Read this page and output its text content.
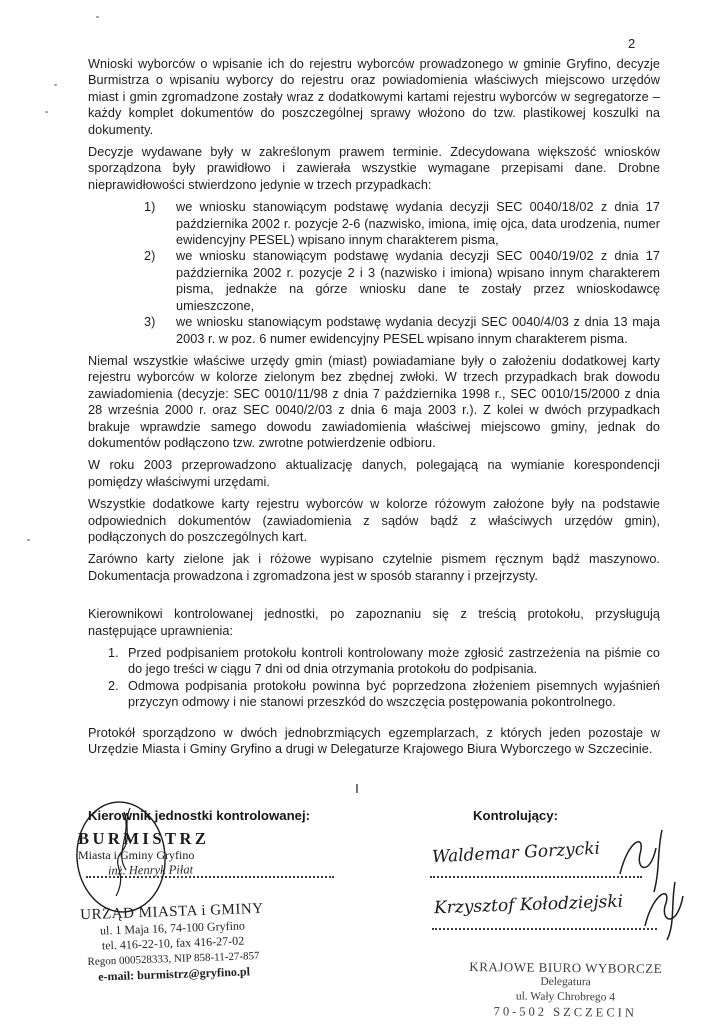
2

Wnioski wyborców o wpisanie ich do rejestru wyborców prowadzonego w gminie Gryfino, decyzje Burmistrza o wpisaniu wyborcy do rejestru oraz powiadomienia właściwych miejscowo urzędów miast i gmin zgromadzone zostały wraz z dodatkowymi kartami rejestru wyborców w segregatorze – każdy komplet dokumentów do poszczególnej sprawy włożono do tzw. plastikowej koszulki na dokumenty.

Decyzje wydawane były w zakreślonym prawem terminie. Zdecydowana większość wniosków sporządzona były prawidłowo i zawierała wszystkie wymagane przepisami dane. Drobne nieprawidłowości stwierdzono jedynie w trzech przypadkach:

1)	we wniosku stanowiącym podstawę wydania decyzji SEC 0040/18/02 z dnia 17 października 2002 r. pozycje 2-6 (nazwisko, imiona, imię ojca, data urodzenia, numer ewidencyjny PESEL) wpisano innym charakterem pisma,
2)	we wniosku stanowiącym podstawę wydania decyzji SEC 0040/19/02 z dnia 17 października 2002 r. pozycje 2 i 3 (nazwisko i imiona) wpisano innym charakterem pisma, jednakże na górze wniosku dane te zostały przez wnioskodawcę umieszczone,
3)	we wniosku stanowiącym podstawę wydania decyzji SEC 0040/4/03 z dnia 13 maja 2003 r. w poz. 6 numer ewidencyjny PESEL wpisano innym charakterem pisma.

Niemal wszystkie właściwe urzędy gmin (miast) powiadamiane były o założeniu dodatkowej karty rejestru wyborców w kolorze zielonym bez zbędnej zwłoki. W trzech przypadkach brak dowodu zawiadomienia (decyzje: SEC 0010/11/98 z dnia 7 października 1998 r., SEC 0010/15/2000 z dnia 28 września 2000 r. oraz SEC 0040/2/03 z dnia 6 maja 2003 r.). Z kolei w dwóch przypadkach brakuje wprawdzie samego dowodu zawiadomienia właściwej miejscowo gminy, jednak do dokumentów podłączono tzw. zwrotne potwierdzenie odbioru.

W roku 2003 przeprowadzono aktualizację danych, polegającą na wymianie korespondencji pomiędzy właściwymi urzędami.

Wszystkie dodatkowe karty rejestru wyborców w kolorze różowym założone były na podstawie odpowiednich dokumentów (zawiadomienia z sądów bądź z właściwych urzędów gmin), podłączonych do poszczególnych kart.

Zarówno karty zielone jak i różowe wypisano czytelnie pismem ręcznym bądź maszynowo. Dokumentacja prowadzona i zgromadzona jest w sposób staranny i przejrzysty.

Kierownikowi kontrolowanej jednostki, po zapoznaniu się z treścią protokołu, przysługują następujące uprawnienia:

1. Przed podpisaniem protokołu kontroli kontrolowany może zgłosić zastrzeżenia na piśmie co do jego treści w ciągu 7 dni od dnia otrzymania protokołu do podpisania.
2. Odmowa podpisania protokołu powinna być poprzedzona złożeniem pisemnych wyjaśnień przyczyn odmowy i nie stanowi przeszkód do wszczęcia postępowania pokontrolnego.

Protokół sporządzono w dwóch jednobrzmiących egzemplarzach, z których jeden pozostaje w Urzędzie Miasta i Gminy Gryfino a drugi w Delegaturze Krajowego Biura Wyborczego w Szczecinie.

Kierownik jednostki kontrolowanej:	Kontrolujący:
BURMISTRZ
Miasta i Gminy Gryfino
inż. Henryk Piłat
Waldemar Gorzycki
Krzysztof Kołodziejski
URZĄD MIASTA i GMINY
ul. 1 Maja 16, 74-100 Gryfino
tel. 416-22-10, fax 416-27-02
Regon 000528333, NIP 858-11-27-857
e-mail: burmistrz@gryfino.pl	KRAJOWE BIURO WYBORCZE
Delegatura
ul. Wały Chrobrego 4
70-502 SZCZECIN
